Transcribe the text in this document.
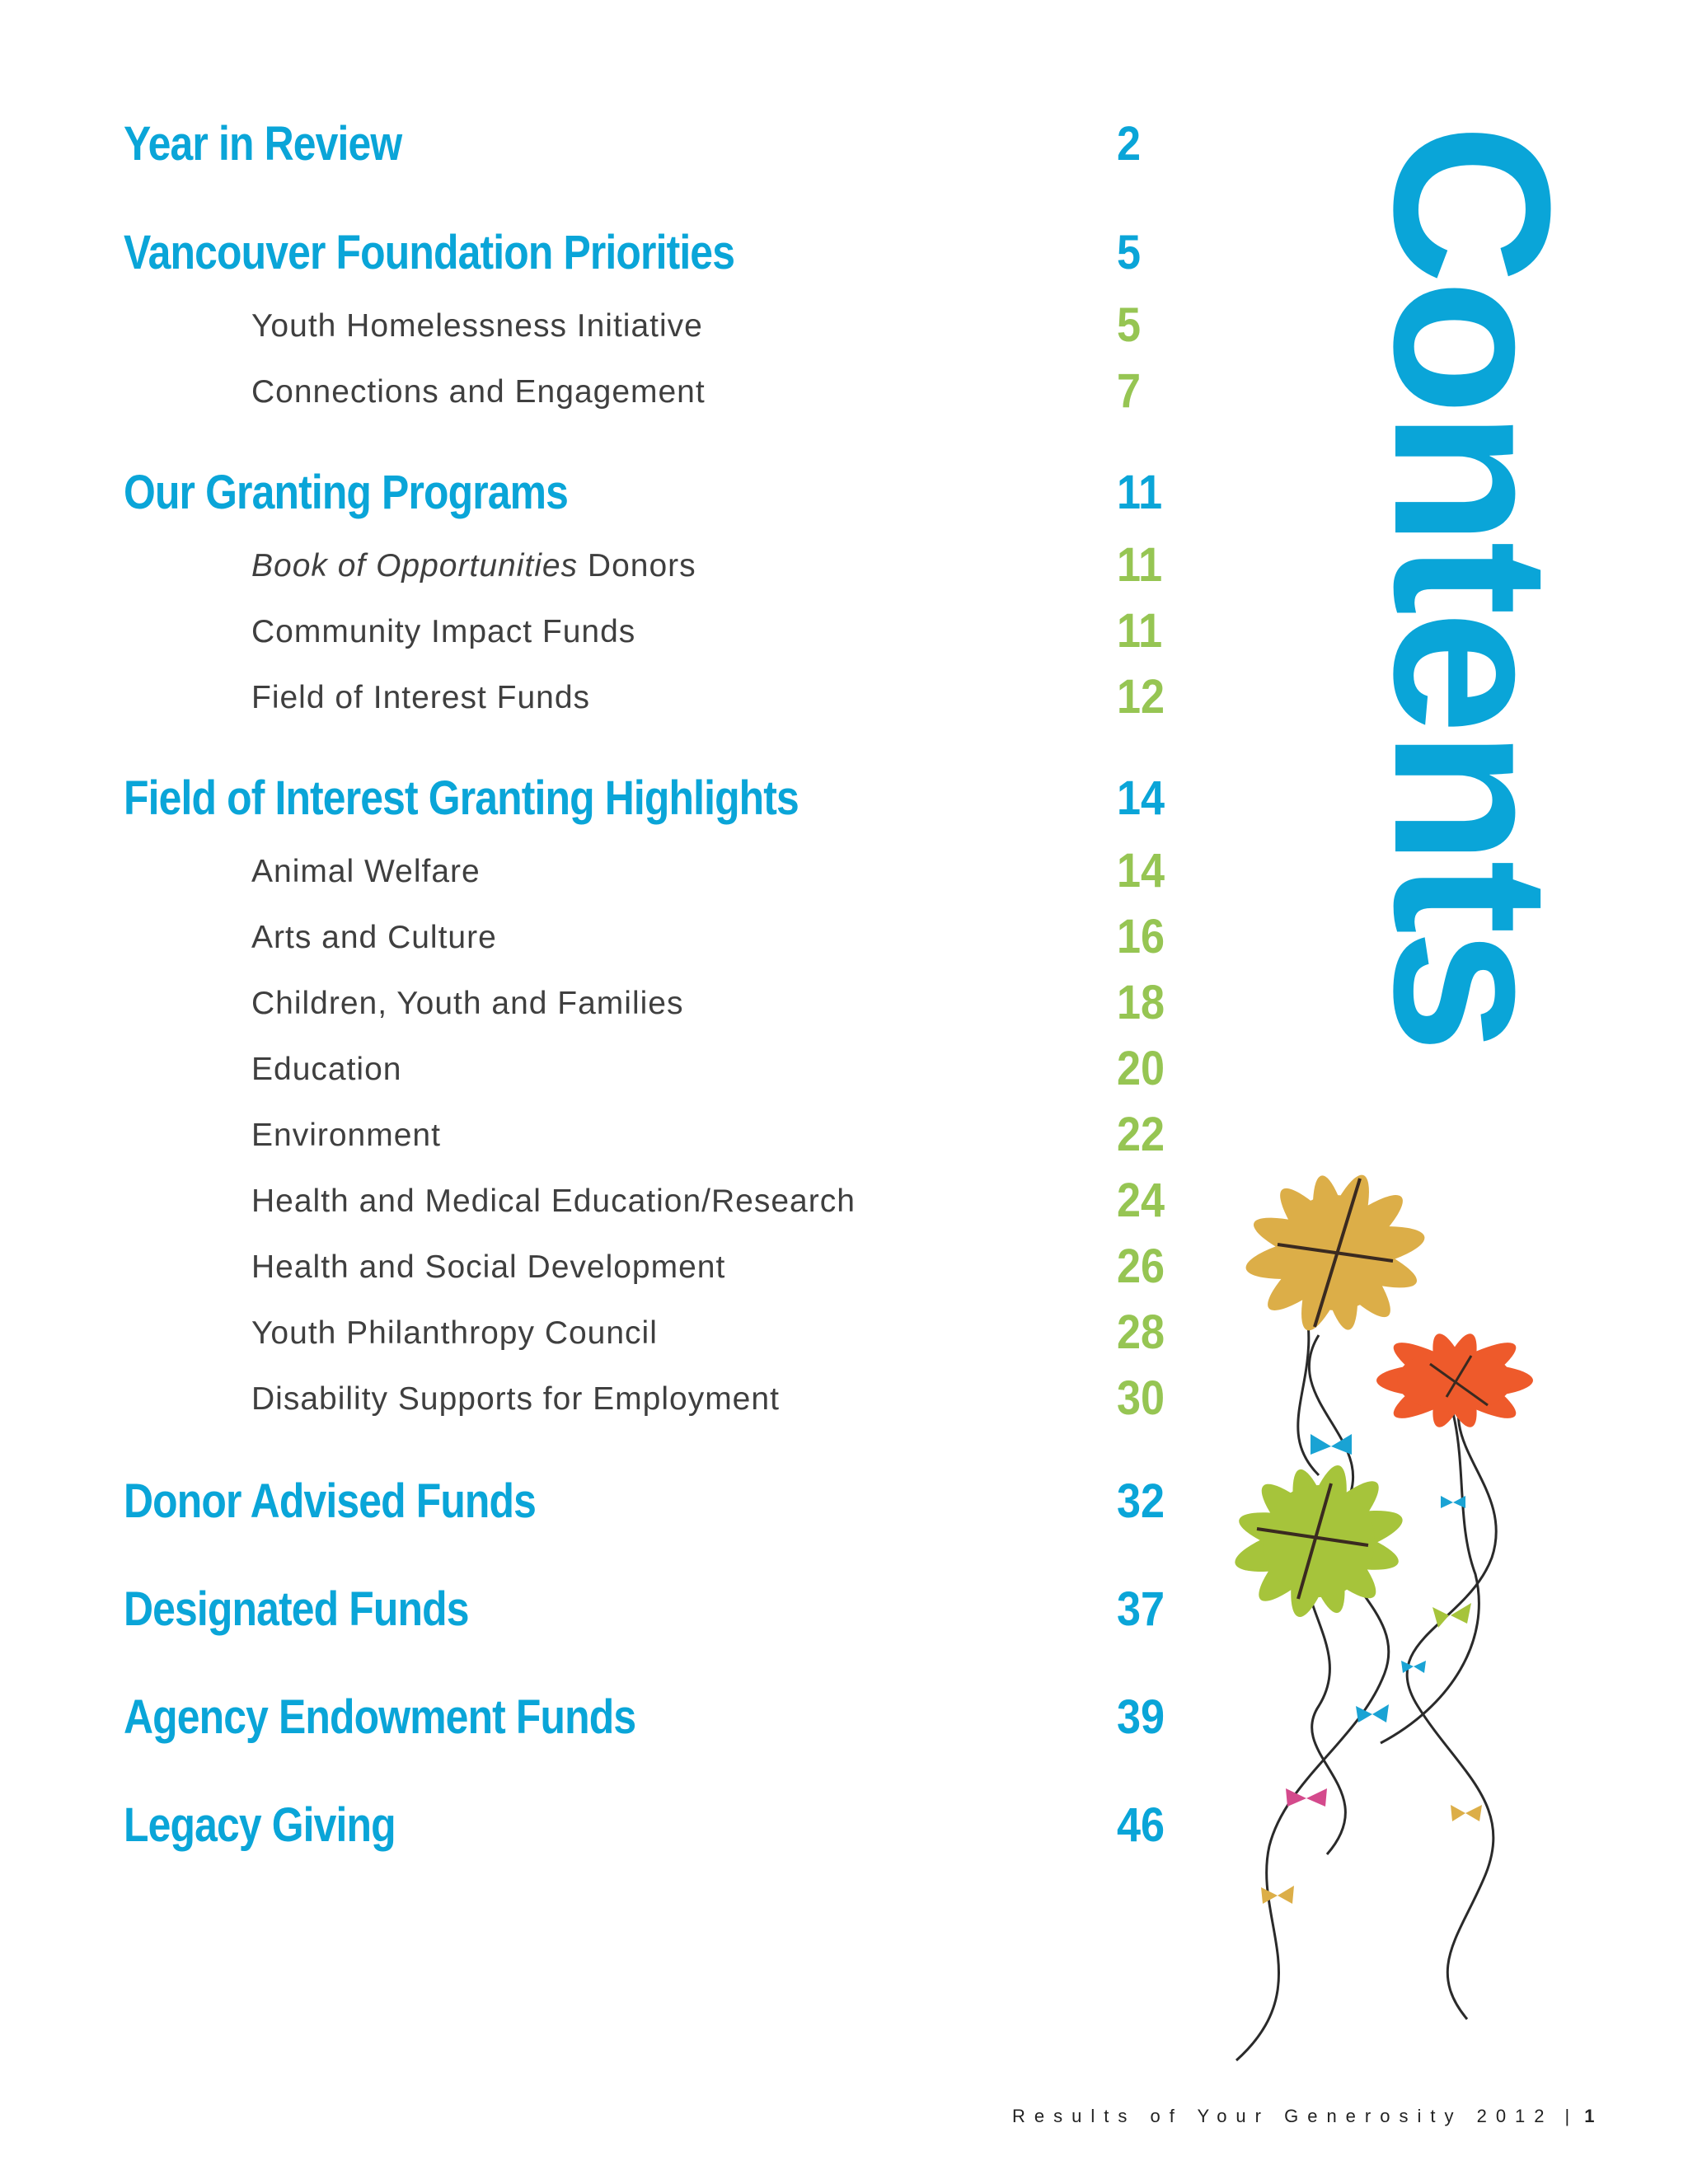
Year in Review	2
Vancouver Foundation Priorities	5
Youth Homelessness Initiative	5
Connections and Engagement	7
Our Granting Programs	11
Book of Opportunities Donors	11
Community Impact Funds	11
Field of Interest Funds	12
Field of Interest Granting Highlights	14
Animal Welfare	14
Arts and Culture	16
Children, Youth and Families	18
Education	20
Environment	22
Health and Medical Education/Research	24
Health and Social Development	26
Youth Philanthropy Council	28
Disability Supports for Employment	30
Donor Advised Funds	32
Designated Funds	37
Agency Endowment Funds	39
Legacy Giving	46
Contents
Results of Your Generosity 2012 | 1
